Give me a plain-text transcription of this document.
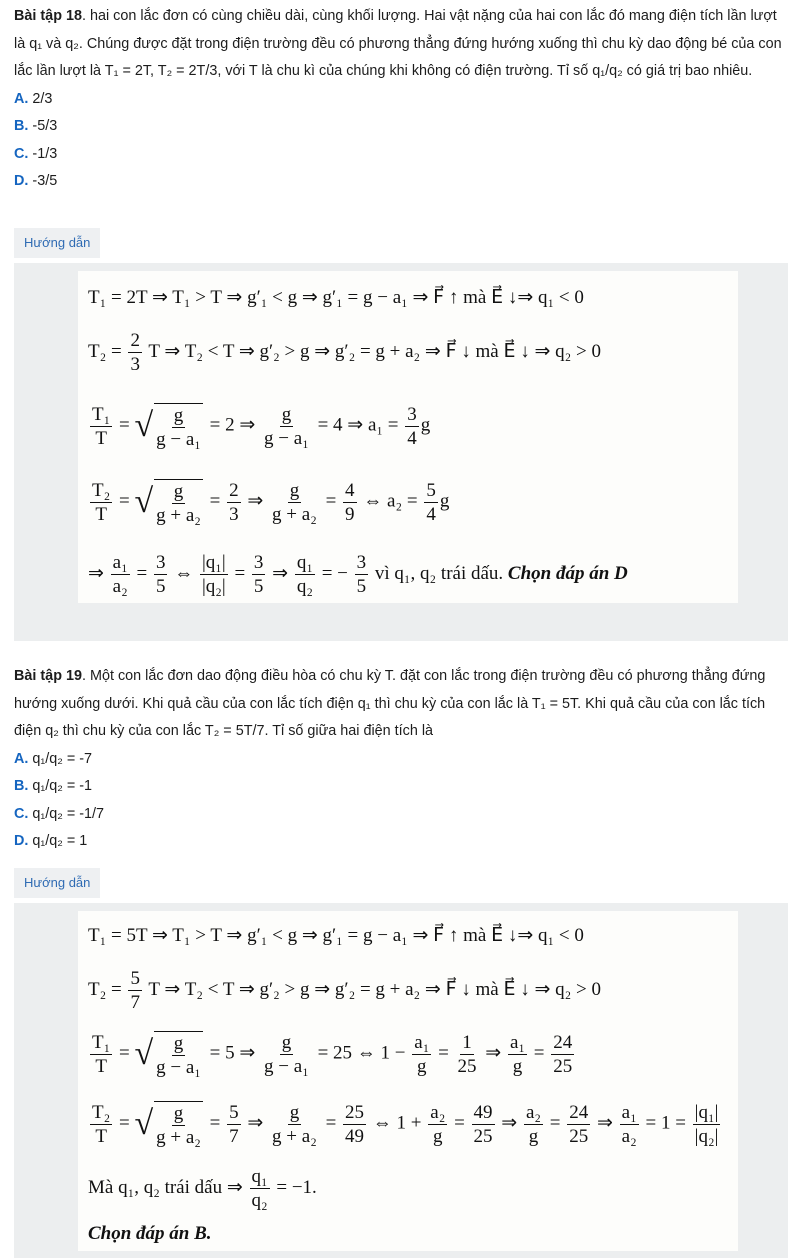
Bài tập 18. hai con lắc đơn có cùng chiều dài, cùng khối lượng. Hai vật nặng của hai con lắc đó mang điện tích lần lượt là q₁ và q₂. Chúng được đặt trong điện trường đều có phương thẳng đứng hướng xuống thì chu kỳ dao động bé của con lắc lần lượt là T₁ = 2T, T₂ = 2T/3, với T là chu kì của chúng khi không có điện trường. Tỉ số q₁/q₂ có giá trị bao nhiêu.

A. 2/3
B. -5/3
C. -1/3
D. -3/5
Hướng dẫn
T₁ = 2T ⇒ T₁ > T ⇒ g′₁ < g ⇒ g′₁ = g − a₁ ⇒ F⃗ ↑ mà E⃗ ↓⇒ q₁ < 0
$T_2 = \frac{2}{3}$ T ⇒ T₂ < T ⇒ g′₂ > g ⇒ g′₂ = g + a₂ ⇒ F⃗ ↓ mà E⃗ ↓ ⇒ q₂ > 0
$\frac{\text{T₁}}{T}$ = √ $\frac{g}{\text{g − a₁}} = 2$ ⇒ $\frac{g}{\text{g − a₁}} = 4$ ⇒ $a_1 = \frac{3}{4}$ g
$\frac{\text{T₂}}{T}$ = √ $\frac{g}{\text{g + a₂}} = \frac{2}{3}$ ⇒ $\frac{g}{\text{g + a₂}} = \frac{4}{9}$ ⇔ $a_2 = \frac{5}{4}$ g
⇒ $\frac{\text{a₁}}{\text{a₂}} = \frac{3}{5}$ ⇔ $\frac{\text{|q₁|}}{\text{|q₂|}} = \frac{3}{5}$ ⇒ $\frac{\text{q₁}}{\text{q₂}}$ = − $\frac{3}{5}$ vì q₁, q₂ trái dấu. Chọn đáp án D

Bài tập 19. Một con lắc đơn dao động điều hòa có chu kỳ T. đặt con lắc trong điện trường đều có phương thẳng đứng hướng xuống dưới. Khi quả cầu của con lắc tích điện q₁ thì chu kỳ của con lắc là T₁ = 5T. Khi quả cầu của con lắc tích điện q₂ thì chu kỳ của con lắc T₂ = 5T/7. Tỉ số giữa hai điện tích là

A. q₁/q₂ = -7
B. q₁/q₂ = -1
C. q₁/q₂ = -1/7
D. q₁/q₂ = 1
Hướng dẫn
T₁ = 5T ⇒ T₁ > T ⇒ g′₁ < g ⇒ g′₁ = g − a₁ ⇒ F⃗ ↑ mà E⃗ ↓⇒ q₁ < 0
$T_2 = \frac{5}{7}$ T ⇒ T₂ < T ⇒ g′₂ > g ⇒ g′₂ = g + a₂ ⇒ F⃗ ↓ mà E⃗ ↓ ⇒ q₂ > 0
$\frac{\text{T₁}}{T}$ = √ $\frac{g}{\text{g − a₁}} = 5$ ⇒ $\frac{g}{\text{g − a₁}} = 25$ ⇔ $1 - \frac{\text{a₁}}{g} = \frac{1}{25}$ ⇒ $\frac{\text{a₁}}{g} = \frac{24}{25}$
$\frac{\text{T₂}}{T}$ = √ $\frac{g}{\text{g + a₂}} = \frac{5}{7}$ ⇒ $\frac{g}{\text{g + a₂}} = \frac{25}{49}$ ⇔ $1 + \frac{\text{a₂}}{g} = \frac{49}{25}$ ⇒ $\frac{\text{a₂}}{g} = \frac{24}{25}$ ⇒ $\frac{\text{a₁}}{\text{a₂}} = 1 = \frac{\text{|q₁|}}{\text{|q₂|}}$
Mà q₁, q₂ trái dấu ⇒ $\frac{\text{q₁}}{\text{q₂}} = -1$.
Chọn đáp án B.
